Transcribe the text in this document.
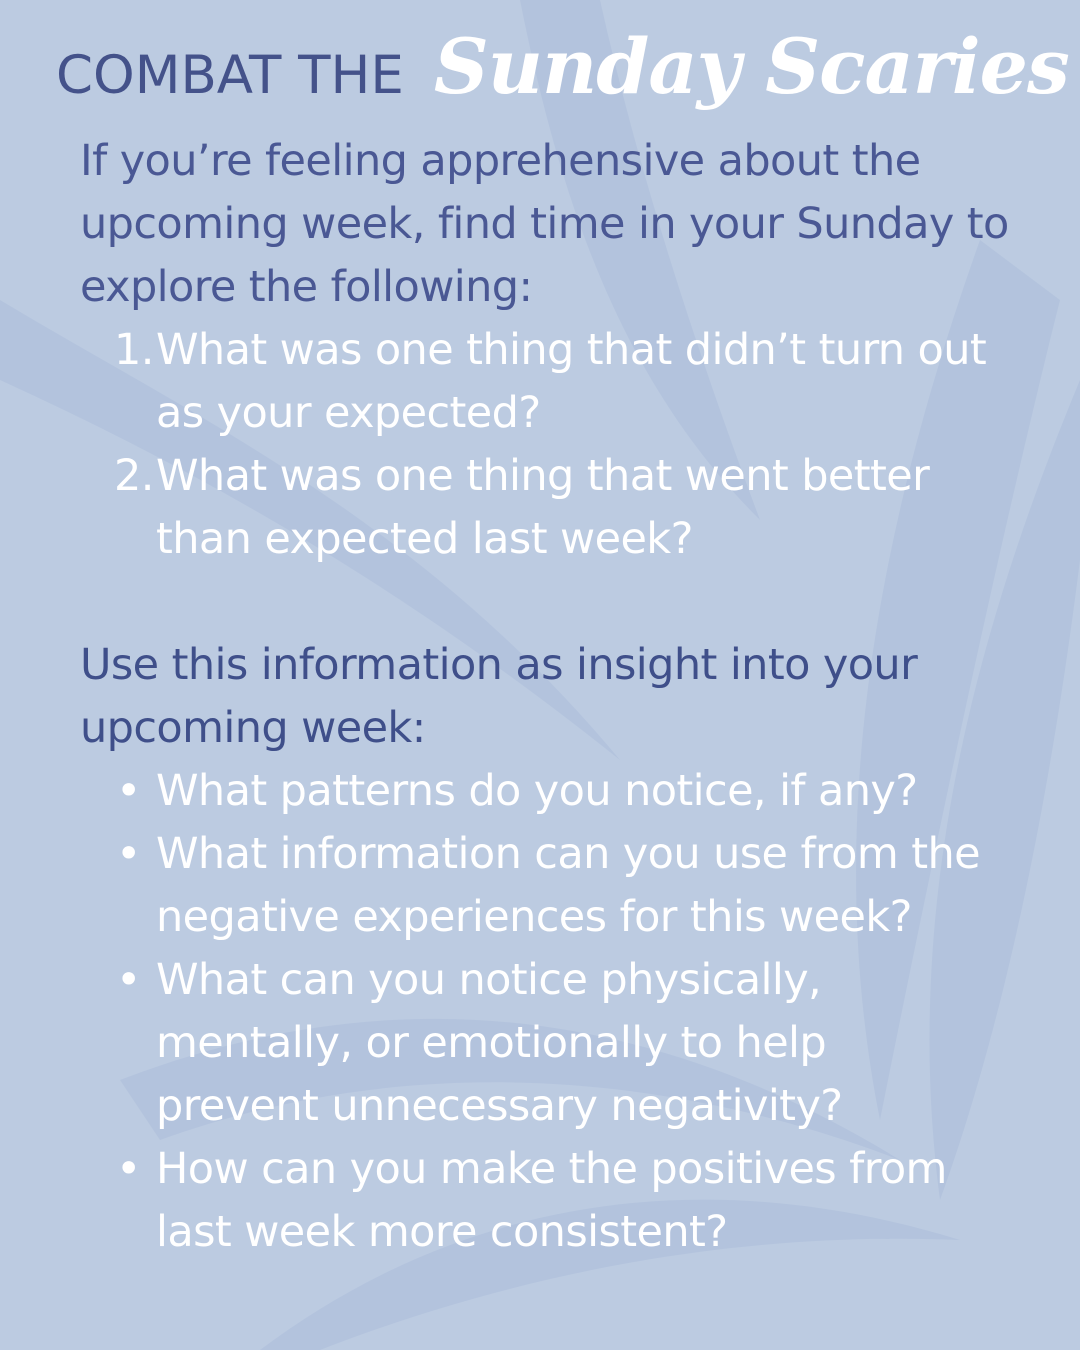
COMBAT THE Sunday Scaries
If you’re feeling apprehensive about the upcoming week, find time in your Sunday to explore the following:
1. What was one thing that didn’t turn out as your expected?
2. What was one thing that went better than expected last week?
Use this information as insight into your upcoming week:
• What patterns do you notice, if any?
• What information can you use from the negative experiences for this week?
• What can you notice physically, mentally, or emotionally to help prevent unnecessary negativity?
• How can you make the positives from last week more consistent?
